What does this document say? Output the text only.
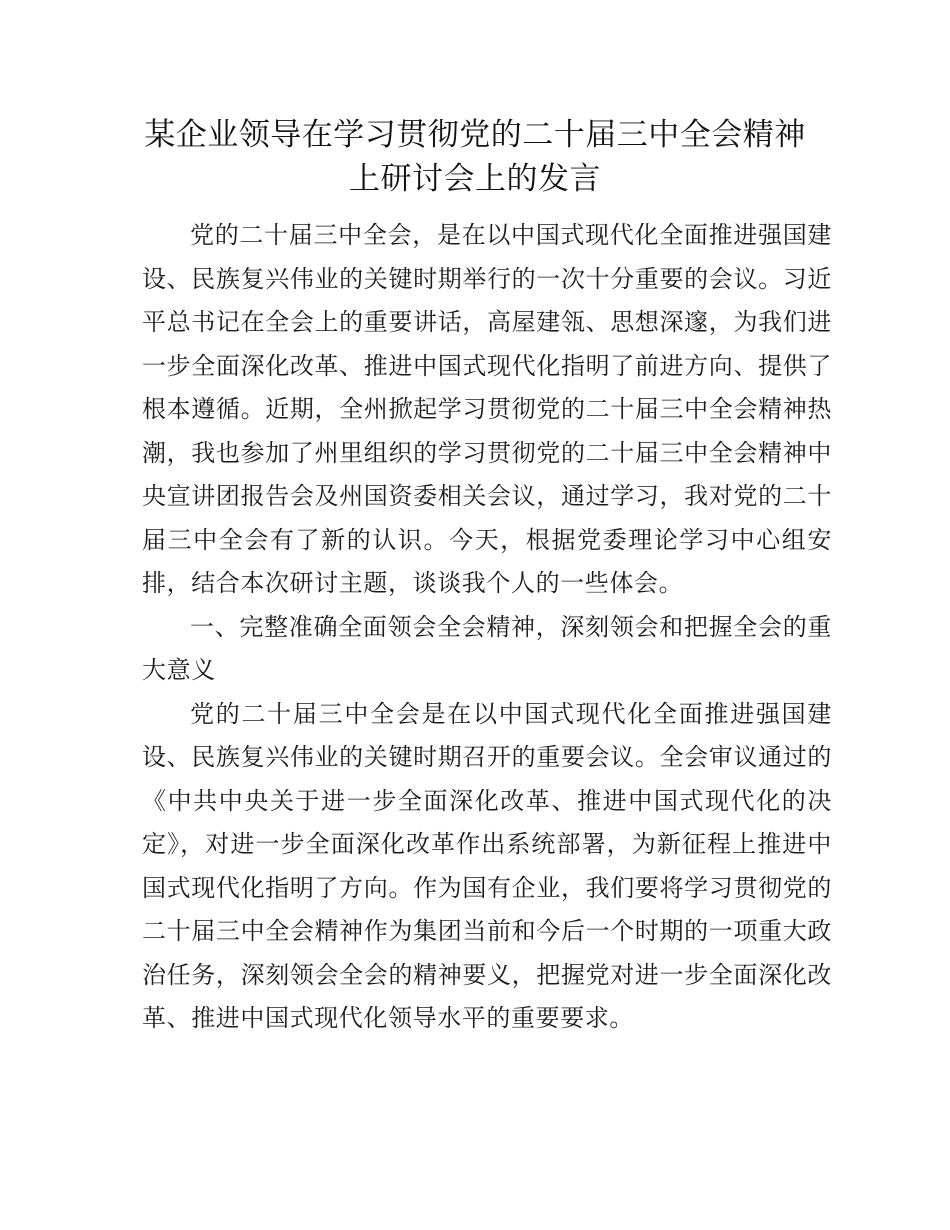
某企业领导在学习贯彻党的二十届三中全会精神上研讨会上的发言

党的二十届三中全会，是在以中国式现代化全面推进强国建设、民族复兴伟业的关键时期举行的一次十分重要的会议。习近平总书记在全会上的重要讲话，高屋建瓴、思想深邃，为我们进一步全面深化改革、推进中国式现代化指明了前进方向、提供了根本遵循。近期，全州掀起学习贯彻党的二十届三中全会精神热潮，我也参加了州里组织的学习贯彻党的二十届三中全会精神中央宣讲团报告会及州国资委相关会议，通过学习，我对党的二十届三中全会有了新的认识。今天，根据党委理论学习中心组安排，结合本次研讨主题，谈谈我个人的一些体会。

一、完整准确全面领会全会精神，深刻领会和把握全会的重大意义

党的二十届三中全会是在以中国式现代化全面推进强国建设、民族复兴伟业的关键时期召开的重要会议。全会审议通过的《中共中央关于进一步全面深化改革、推进中国式现代化的决定》，对进一步全面深化改革作出系统部署，为新征程上推进中国式现代化指明了方向。作为国有企业，我们要将学习贯彻党的二十届三中全会精神作为集团当前和今后一个时期的一项重大政治任务，深刻领会全会的精神要义，把握党对进一步全面深化改革、推进中国式现代化领导水平的重要要求。
